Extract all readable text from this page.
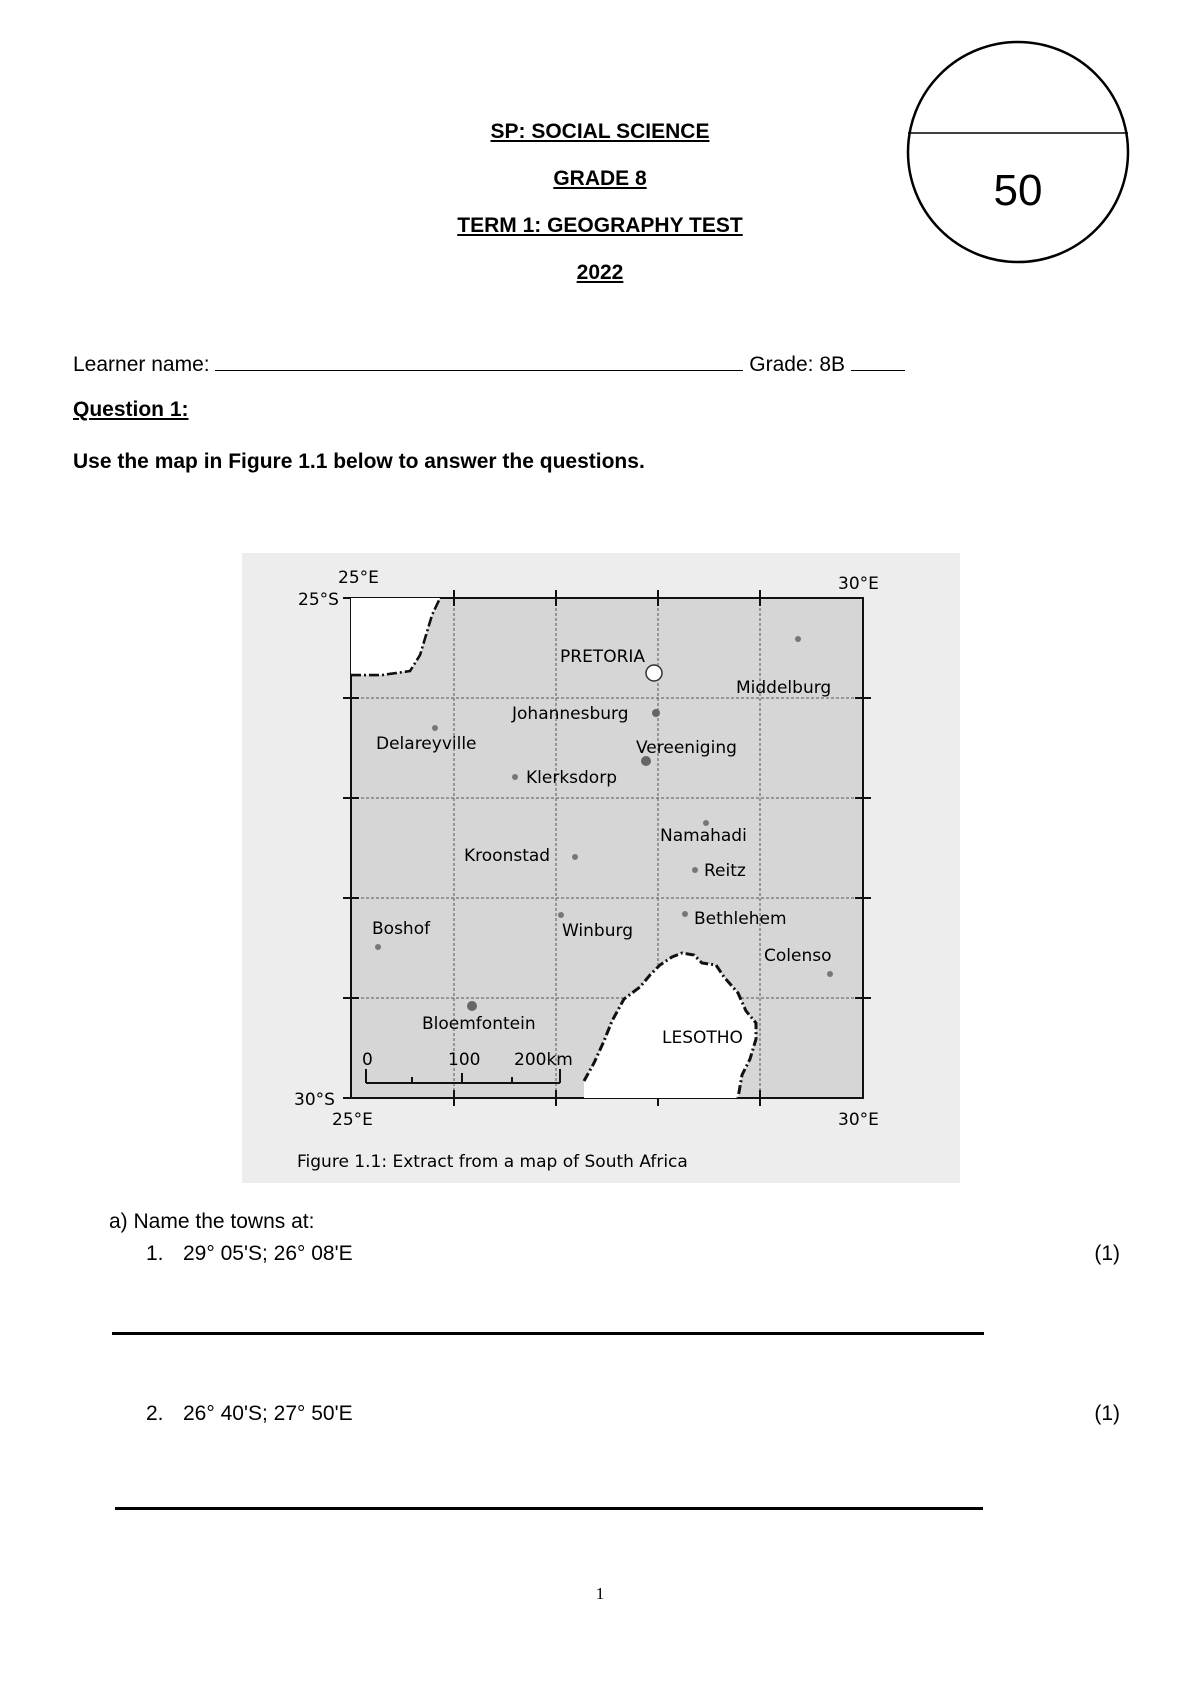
SP: SOCIAL SCIENCE
GRADE 8
TERM 1: GEOGRAPHY TEST
2022
50
Learner name:	Grade: 8B
Question 1:
Use the map in Figure 1.1 below to answer the questions.
25°E	30°E
25°S
30°S
25°E	30°E
PRETORIA
Middelburg
Johannesburg
Delareyville	Vereeniging
Klerksdorp
Namahadi
Kroonstad
Reitz
Boshof	Winburg
Bethlehem
Colenso
Bloemfontein
LESOTHO
0	100 200km
Figure 1.1: Extract from a map of South Africa
a) Name the towns at:
1. 29° 05'S; 26° 08'E	(1)
2. 26° 40'S; 27° 50'E	(1)
1
